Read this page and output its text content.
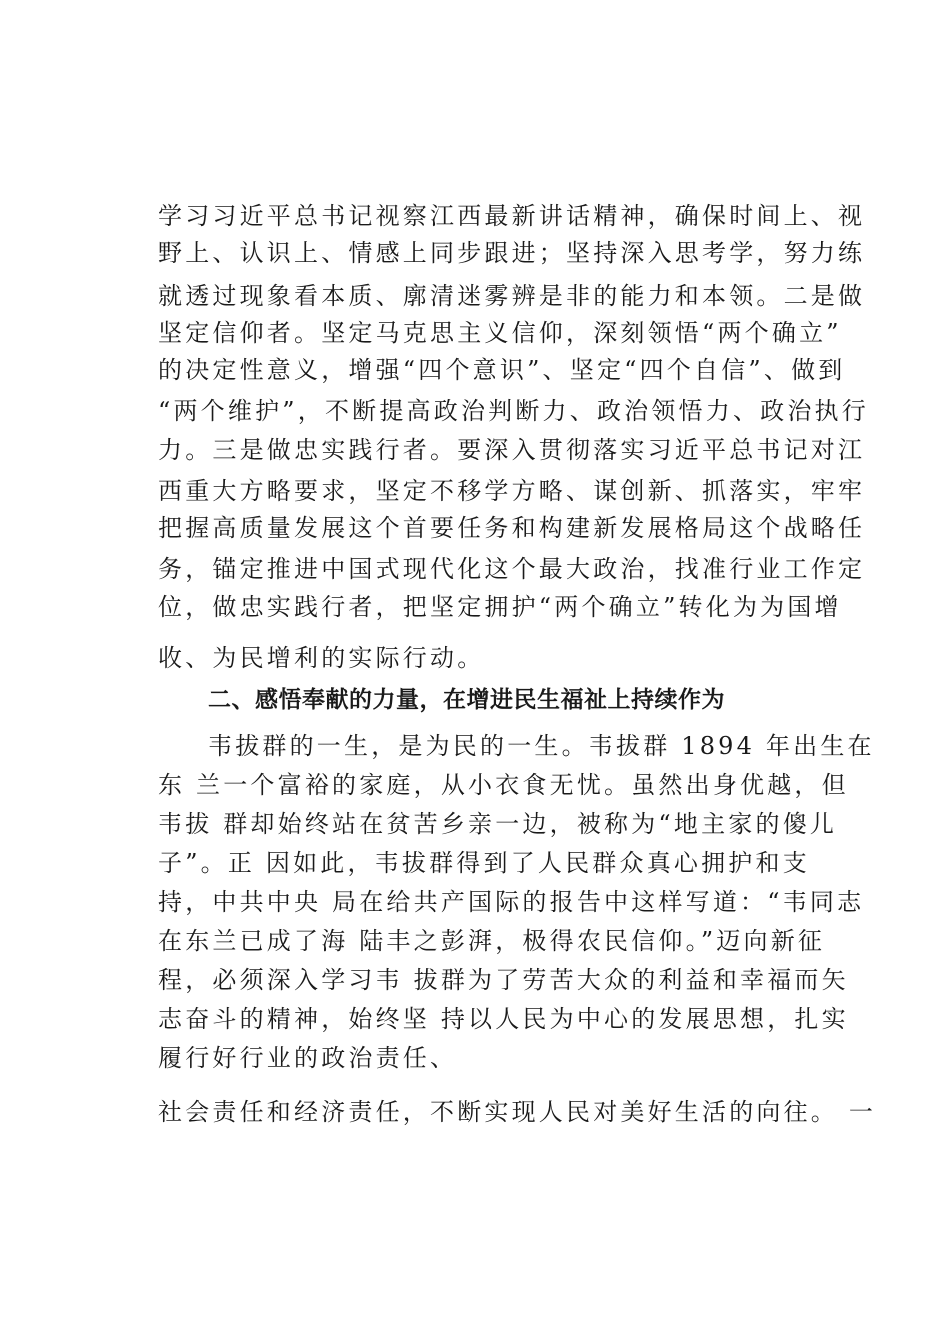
学习习近平总书记视察江西最新讲话精神，确保时间上、视
野上、认识上、情感上同步跟进；坚持深入思考学，努力练
就透过现象看本质、廓清迷雾辨是非的能力和本领。二是做
坚定信仰者。坚定马克思主义信仰，深刻领悟“两个确立”
的决定性意义，增强“四个意识”、坚定“四个自信”、做到
“两个维护”，不断提高政治判断力、政治领悟力、政治执行
力。三是做忠实践行者。要深入贯彻落实习近平总书记对江
西重大方略要求，坚定不移学方略、谋创新、抓落实，牢牢
把握高质量发展这个首要任务和构建新发展格局这个战略任
务，锚定推进中国式现代化这个最大政治，找准行业工作定
位，做忠实践行者，把坚定拥护“两个确立”转化为为国增
收、为民增利的实际行动。
二、感悟奉献的力量，在增进民生福祉上持续作为
韦拔群的一生，是为民的一生。韦拔群 1894 年出生在
东 兰一个富裕的家庭，从小衣食无忧。虽然出身优越，但
韦拔 群却始终站在贫苦乡亲一边，被称为“地主家的傻儿
子”。正 因如此，韦拔群得到了人民群众真心拥护和支
持，中共中央 局在给共产国际的报告中这样写道：“韦同志
在东兰已成了海 陆丰之彭湃，极得农民信仰。”迈向新征
程，必须深入学习韦 拔群为了劳苦大众的利益和幸福而矢
志奋斗的精神，始终坚 持以人民为中心的发展思想，扎实
履行好行业的政治责任、
社会责任和经济责任，不断实现人民对美好生活的向往。 一
